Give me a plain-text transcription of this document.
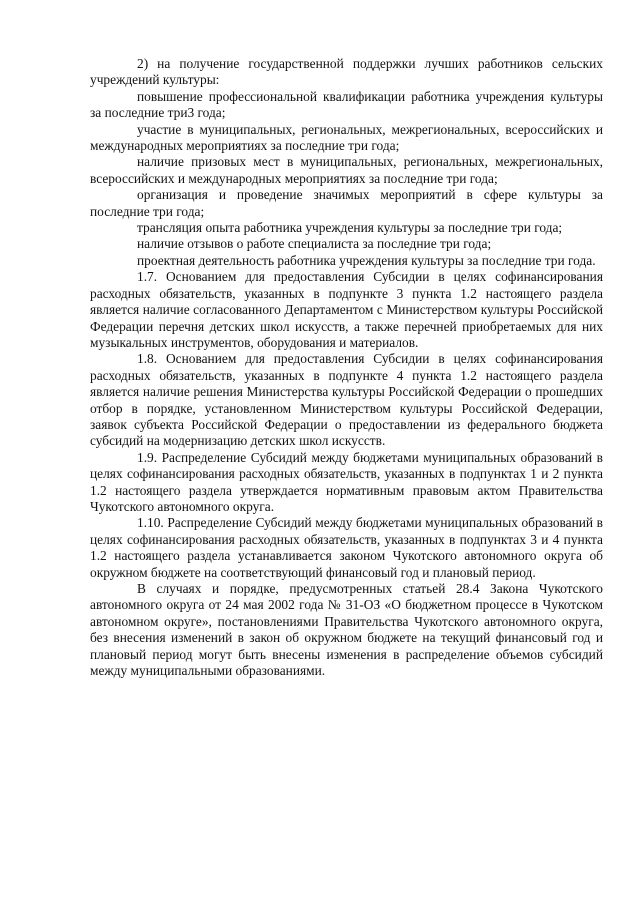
2) на получение государственной поддержки лучших работников сельских учреждений культуры:

повышение профессиональной квалификации работника учреждения культуры за последние три3 года;

участие в муниципальных, региональных, межрегиональных, всероссийских и международных мероприятиях за последние три года;

наличие призовых мест в муниципальных, региональных, межрегиональных, всероссийских и международных мероприятиях за последние три года;

организация и проведение значимых мероприятий в сфере культуры за последние три года;

трансляция опыта работника учреждения культуры за последние три года;

наличие отзывов о работе специалиста за последние три года;

проектная деятельность работника учреждения культуры за последние три года.

1.7. Основанием для предоставления Субсидии в целях софинансирования расходных обязательств, указанных в подпункте 3 пункта 1.2 настоящего раздела является наличие согласованного Департаментом с Министерством культуры Российской Федерации перечня детских школ искусств, а также перечней приобретаемых для них музыкальных инструментов, оборудования и материалов.

1.8. Основанием для предоставления Субсидии в целях софинансирования расходных обязательств, указанных в подпункте 4 пункта 1.2 настоящего раздела является наличие решения Министерства культуры Российской Федерации о прошедших отбор в порядке, установленном Министерством культуры Российской Федерации, заявок субъекта Российской Федерации о предоставлении из федерального бюджета субсидий на модернизацию детских школ искусств.

1.9. Распределение Субсидий между бюджетами муниципальных образований в целях софинансирования расходных обязательств, указанных в подпунктах 1 и 2 пункта 1.2 настоящего раздела утверждается нормативным правовым актом Правительства Чукотского автономного округа.

1.10. Распределение Субсидий между бюджетами муниципальных образований в целях софинансирования расходных обязательств, указанных в подпунктах 3 и 4 пункта 1.2 настоящего раздела устанавливается законом Чукотского автономного округа об окружном бюджете на соответствующий финансовый год и плановый период.

В случаях и порядке, предусмотренных статьей 28.4 Закона Чукотского автономного округа от 24 мая 2002 года № 31-ОЗ «О бюджетном процессе в Чукотском автономном округе», постановлениями Правительства Чукотского автономного округа, без внесения изменений в закон об окружном бюджете на текущий финансовый год и плановый период могут быть внесены изменения в распределение объемов субсидий между муниципальными образованиями.
